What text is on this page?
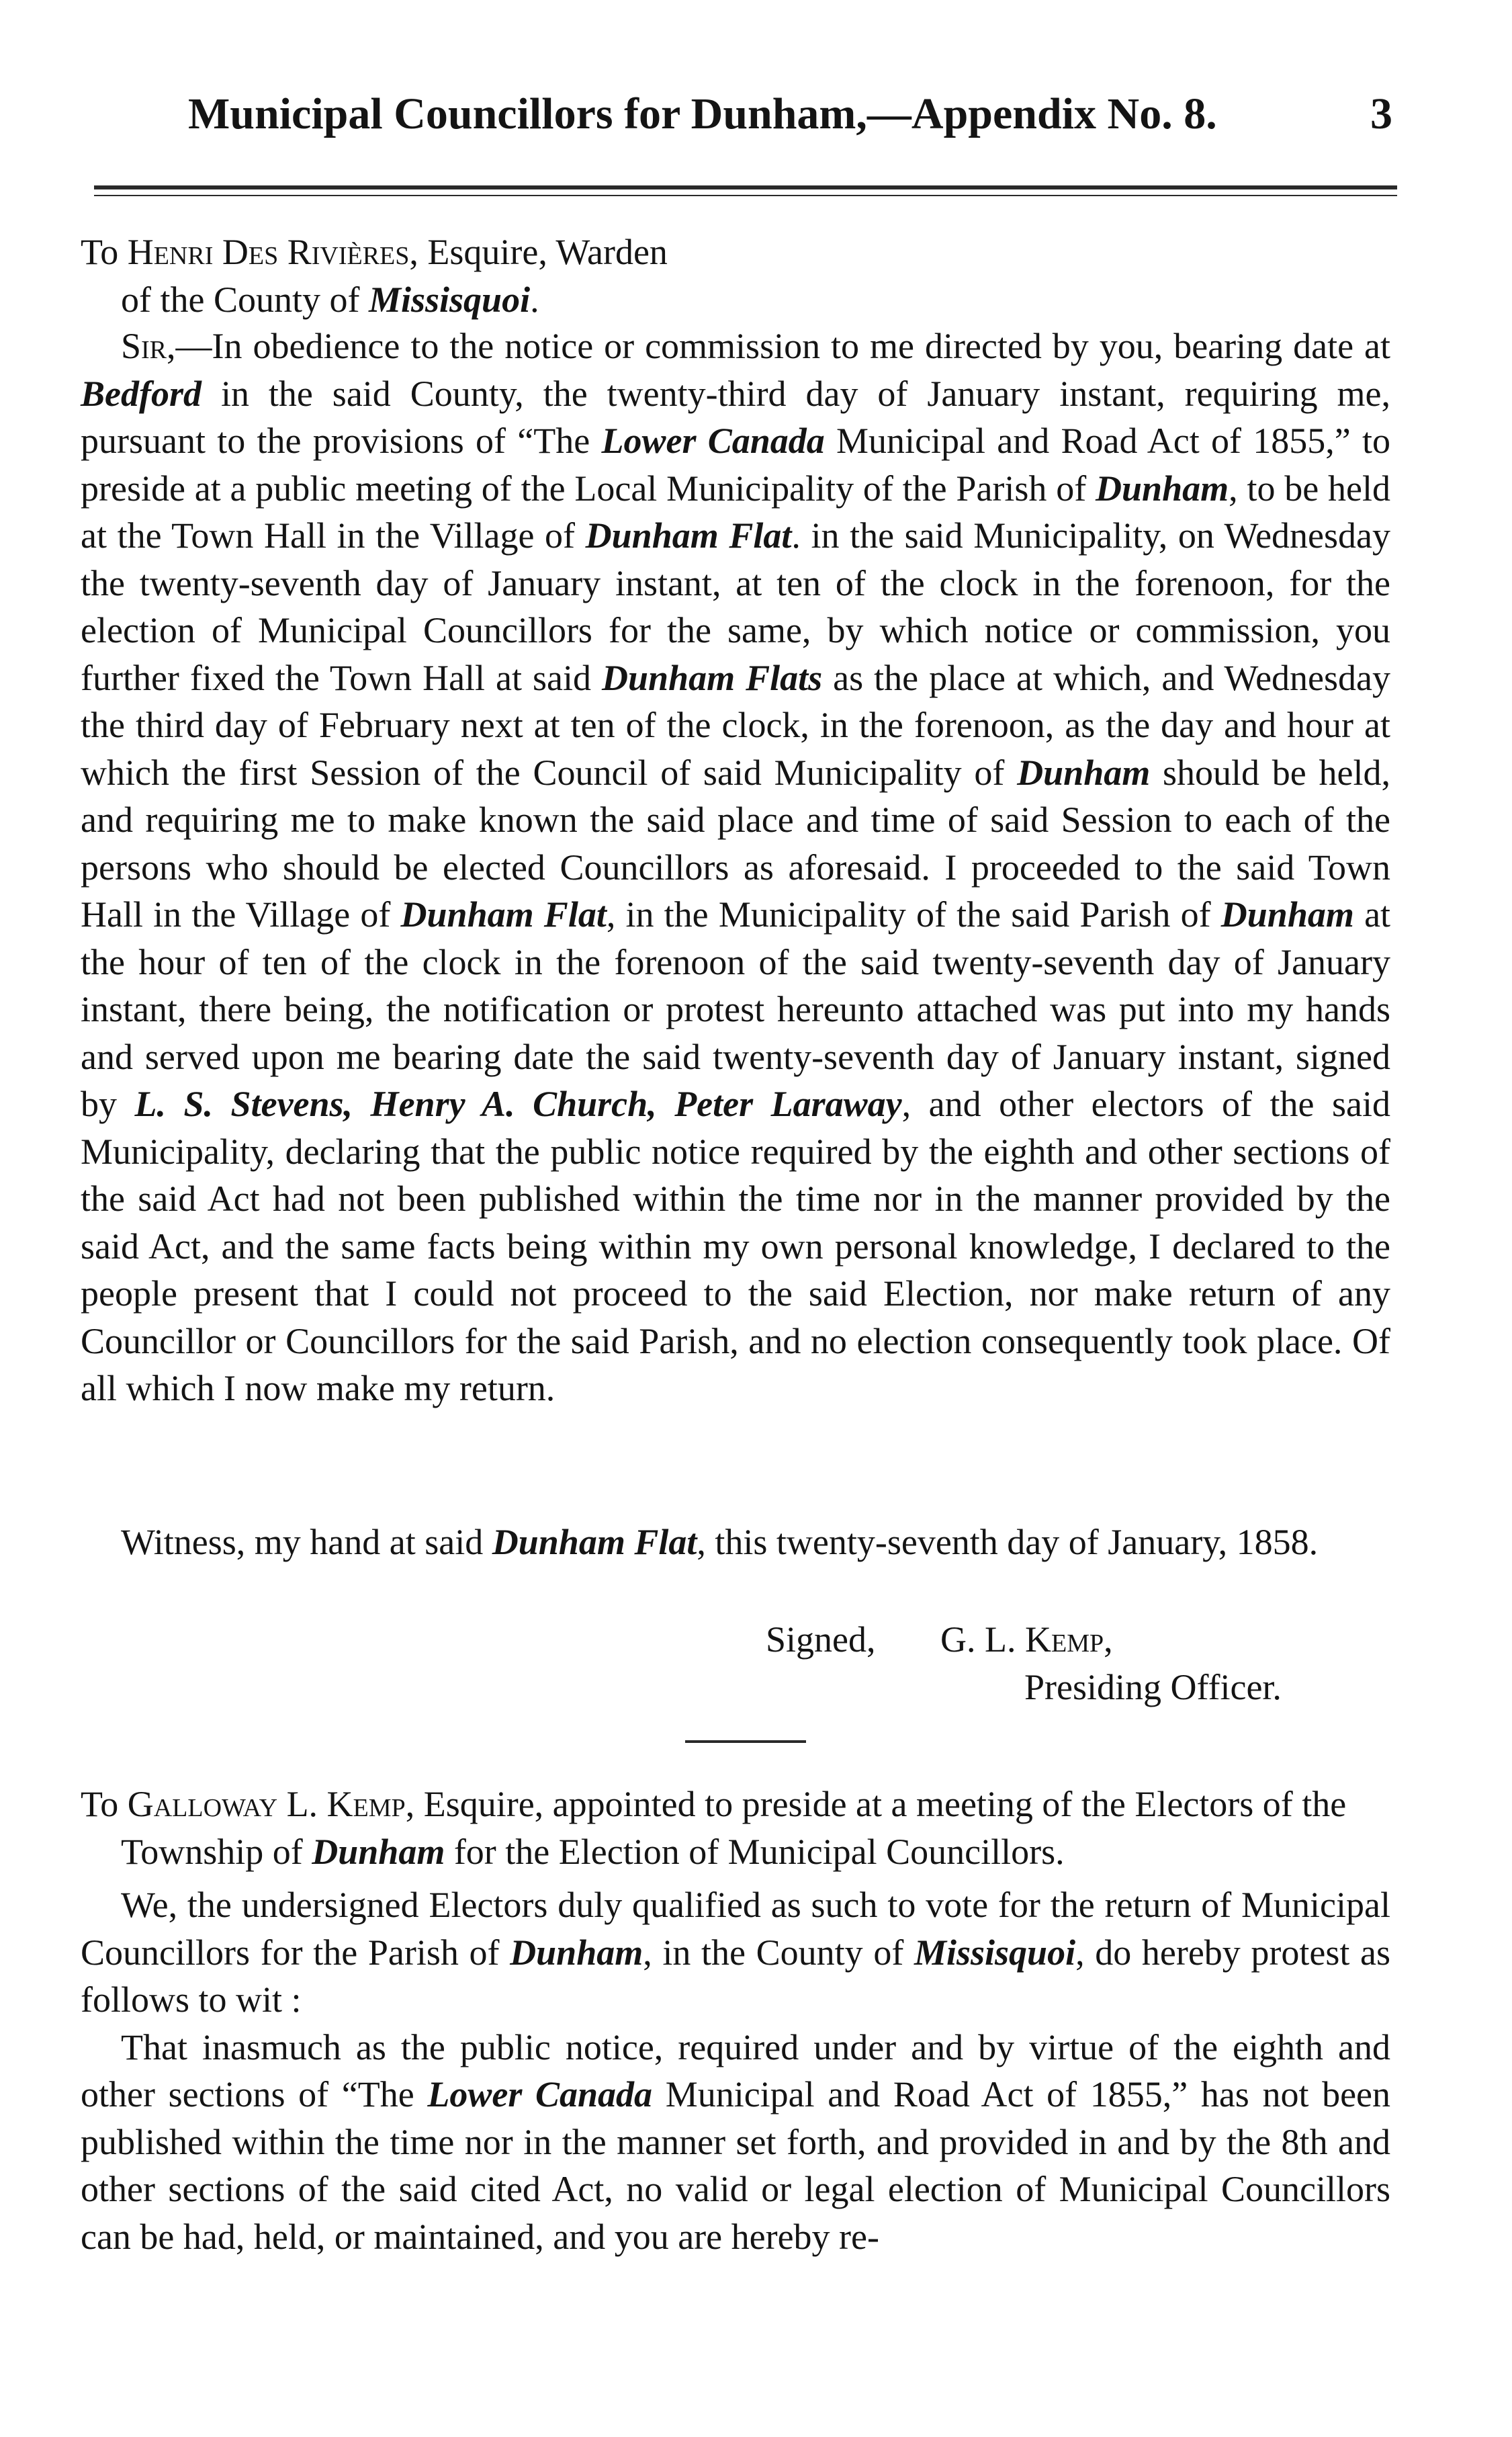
Municipal Councillors for Dunham,—Appendix No. 8.	3

To Henri Des Rivières, Esquire, Warden
of the County of Missisquoi.

Sir,—In obedience to the notice or commission to me directed by you, bearing date at Bedford in the said County, the twenty-third day of January instant, requiring me, pursuant to the provisions of “The Lower Canada Municipal and Road Act of 1855,” to preside at a public meeting of the Local Municipality of the Parish of Dunham, to be held at the Town Hall in the Village of Dunham Flat. in the said Municipality, on Wednesday the twenty-seventh day of January instant, at ten of the clock in the forenoon, for the election of Municipal Councillors for the same, by which notice or commission, you further fixed the Town Hall at said Dunham Flats as the place at which, and Wednesday the third day of February next at ten of the clock, in the forenoon, as the day and hour at which the first Session of the Council of said Municipality of Dunham should be held, and requiring me to make known the said place and time of said Session to each of the persons who should be elected Councillors as aforesaid. I proceeded to the said Town Hall in the Village of Dunham Flat, in the Municipality of the said Parish of Dunham at the hour of ten of the clock in the forenoon of the said twenty-seventh day of January instant, there being, the notification or protest hereunto attached was put into my hands and served upon me bearing date the said twenty-seventh day of January instant, signed by L. S. Stevens, Henry A. Church, Peter Laraway, and other electors of the said Municipality, declaring that the public notice required by the eighth and other sections of the said Act had not been published within the time nor in the manner provided by the said Act, and the same facts being within my own personal knowledge, I declared to the people present that I could not proceed to the said Election, nor make return of any Councillor or Councillors for the said Parish, and no election consequently took place. Of all which I now make my return.

Witness, my hand at said Dunham Flat, this twenty-seventh day of January, 1858.

Signed, G. L. Kemp,
Presiding Officer.

To Galloway L. Kemp, Esquire, appointed to preside at a meeting of the Electors of the Township of Dunham for the Election of Municipal Councillors.

We, the undersigned Electors duly qualified as such to vote for the return of Municipal Councillors for the Parish of Dunham, in the County of Missisquoi, do hereby protest as follows to wit :

That inasmuch as the public notice, required under and by virtue of the eighth and other sections of “The Lower Canada Municipal and Road Act of 1855,” has not been published within the time nor in the manner set forth, and provided in and by the 8th and other sections of the said cited Act, no valid or legal election of Municipal Councillors can be had, held, or maintained, and you are hereby re-
